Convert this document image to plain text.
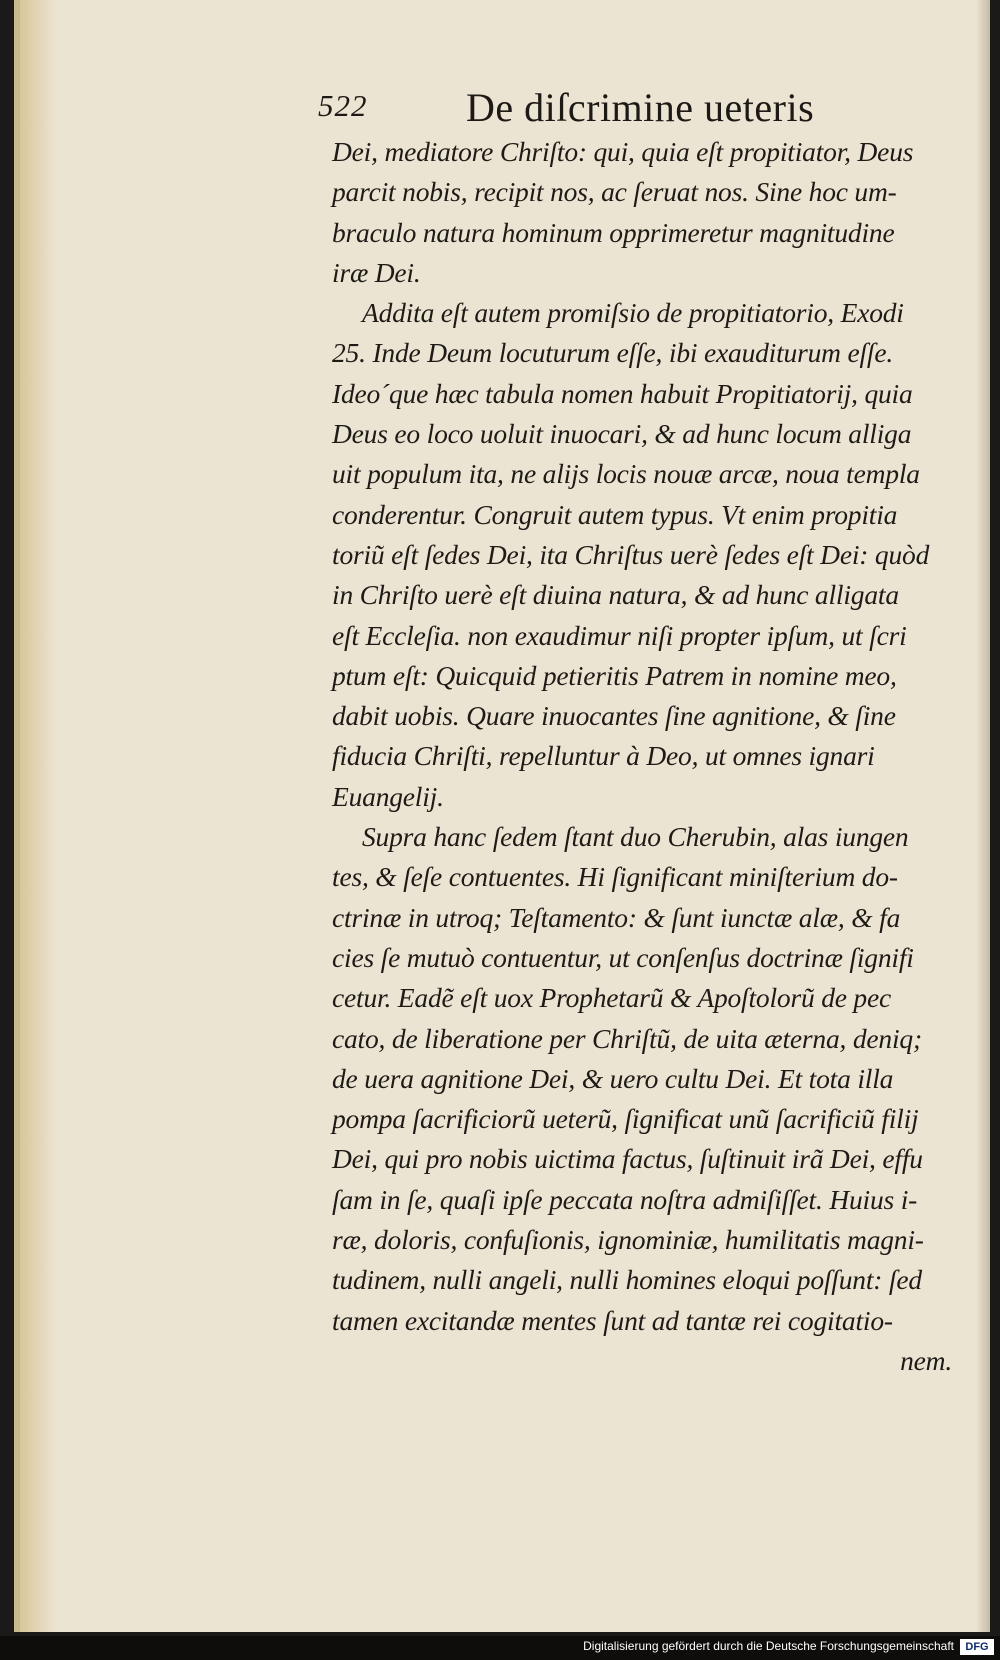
522 De diſcrimine ueteris
Dei, mediatore Chriſto: qui, quia eſt propitiator, Deus
parcit nobis, recipit nos, ac ſeruat nos. Sine hoc um-
braculo natura hominum opprimeretur magnitudine
iræ Dei.
Addita eſt autem promiſsio de propitiatorio, Exodi
25. Inde Deum locuturum eſſe, ibi exauditurum eſſe.
Ideo´que hæc tabula nomen habuit Propitiatorij, quia
Deus eo loco uoluit inuocari, & ad hunc locum alliga
uit populum ita, ne alijs locis nouæ arcæ, noua templa
conderentur. Congruit autem typus. Vt enim propitia
toriũ eſt ſedes Dei, ita Chriſtus uerè ſedes eſt Dei: quòd
in Chriſto uerè eſt diuina natura, & ad hunc alligata
eſt Eccleſia. non exaudimur niſi propter ipſum, ut ſcri
ptum eſt: Quicquid petieritis Patrem in nomine meo,
dabit uobis. Quare inuocantes ſine agnitione, & ſine
fiducia Chriſti, repelluntur à Deo, ut omnes ignari
Euangelij.
Supra hanc ſedem ſtant duo Cherubin, alas iungen
tes, & ſeſe contuentes. Hi ſignificant miniſterium do-
ctrinæ in utroq; Teſtamento: & ſunt iunctæ alæ, & fa
cies ſe mutuò contuentur, ut conſenſus doctrinæ ſignifi
cetur. Eadẽ eſt uox Prophetarũ & Apoſtolorũ de pec
cato, de liberatione per Chriſtũ, de uita æterna, deniq;
de uera agnitione Dei, & uero cultu Dei. Et tota illa
pompa ſacrificiorũ ueterũ, ſignificat unũ ſacrificiũ filij
Dei, qui pro nobis uictima factus, ſuſtinuit irã Dei, effu
ſam in ſe, quaſi ipſe peccata noſtra admiſiſſet. Huius i-
ræ, doloris, confuſionis, ignominiæ, humilitatis magni-
tudinem, nulli angeli, nulli homines eloqui poſſunt: ſed
tamen excitandæ mentes ſunt ad tantæ rei cogitatio-
nem.
Digitalisierung gefördert durch die Deutsche Forschungsgemeinschaft	DFG
